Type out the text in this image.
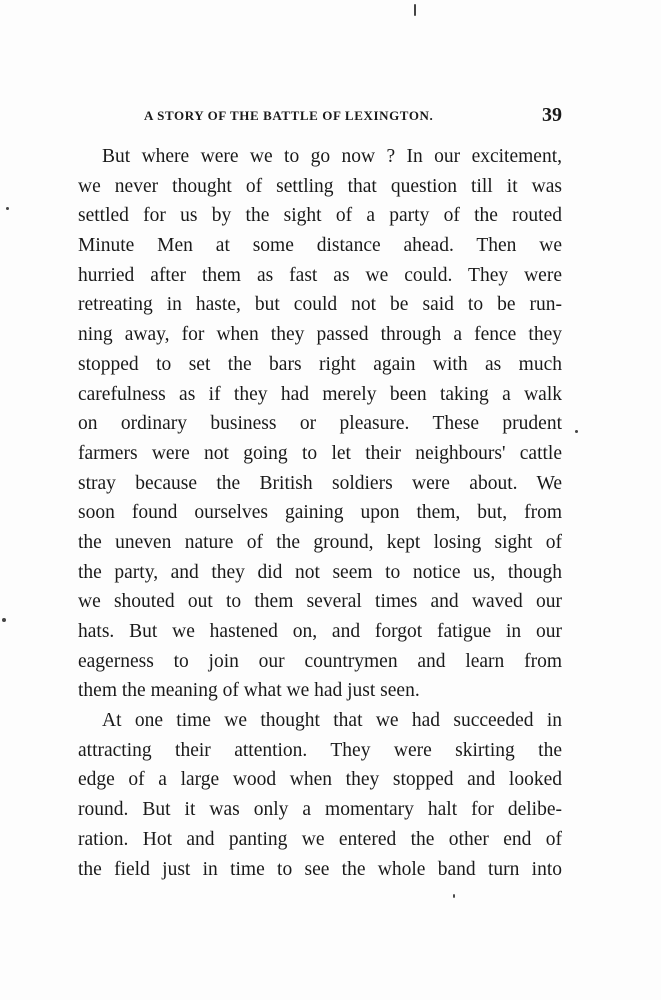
A STORY OF THE BATTLE OF LEXINGTON.	39
But where were we to go now ? In our excitement,
we never thought of settling that question till it was
settled for us by the sight of a party of the routed
Minute Men at some distance ahead. Then we
hurried after them as fast as we could. They were
retreating in haste, but could not be said to be run-
ning away, for when they passed through a fence they
stopped to set the bars right again with as much
carefulness as if they had merely been taking a walk
on ordinary business or pleasure. These prudent
farmers were not going to let their neighbours' cattle
stray because the British soldiers were about. We
soon found ourselves gaining upon them, but, from
the uneven nature of the ground, kept losing sight of
the party, and they did not seem to notice us, though
we shouted out to them several times and waved our
hats. But we hastened on, and forgot fatigue in our
eagerness to join our countrymen and learn from
them the meaning of what we had just seen.
At one time we thought that we had succeeded in
attracting their attention. They were skirting the
edge of a large wood when they stopped and looked
round. But it was only a momentary halt for delibe-
ration. Hot and panting we entered the other end of
the field just in time to see the whole band turn into
